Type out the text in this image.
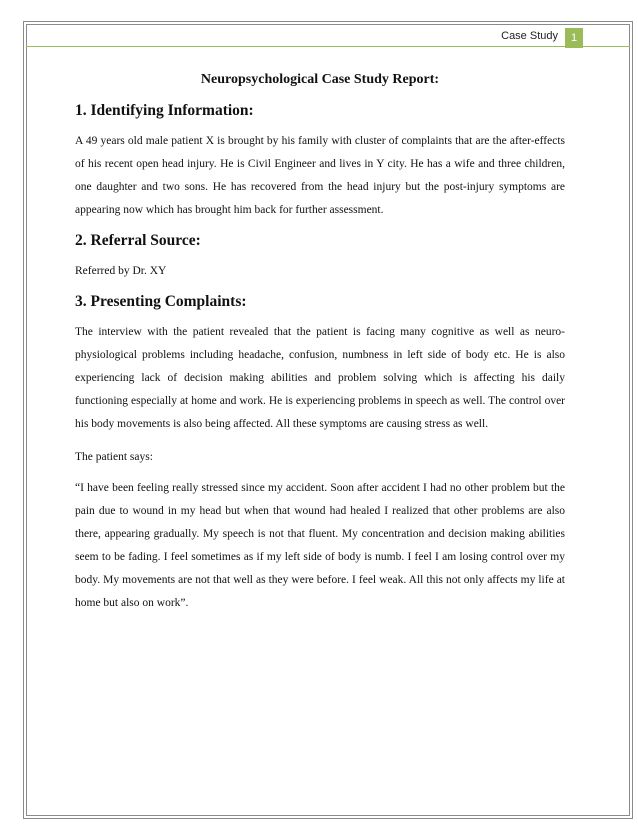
Case Study	1
Neuropsychological Case Study Report:
1. Identifying Information:

A 49 years old male patient X is brought by his family with cluster of complaints that are the after-effects of his recent open head injury. He is Civil Engineer and lives in Y city. He has a wife and three children, one daughter and two sons. He has recovered from the head injury but the post-injury symptoms are appearing now which has brought him back for further assessment.

2. Referral Source:

Referred by Dr. XY

3. Presenting Complaints:

The interview with the patient revealed that the patient is facing many cognitive as well as neuro-physiological problems including headache, confusion, numbness in left side of body etc. He is also experiencing lack of decision making abilities and problem solving which is affecting his daily functioning especially at home and work. He is experiencing problems in speech as well. The control over his body movements is also being affected. All these symptoms are causing stress as well.

The patient says:

“I have been feeling really stressed since my accident. Soon after accident I had no other problem but the pain due to wound in my head but when that wound had healed I realized that other problems are also there, appearing gradually. My speech is not that fluent. My concentration and decision making abilities seem to be fading. I feel sometimes as if my left side of body is numb. I feel I am losing control over my body. My movements are not that well as they were before. I feel weak. All this not only affects my life at home but also on work”.
